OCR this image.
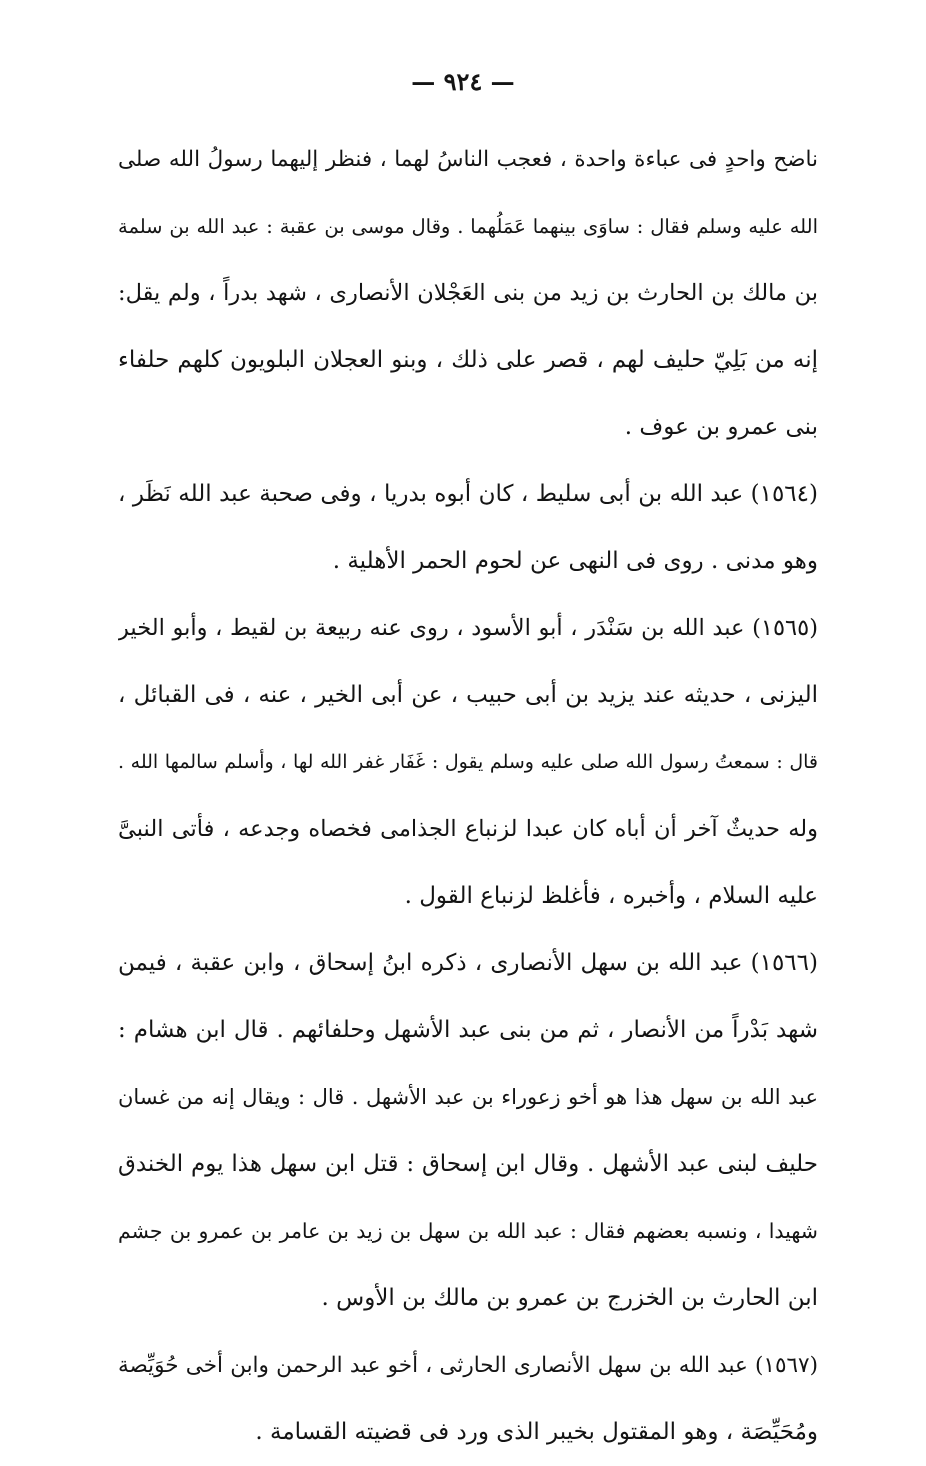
— ٩٢٤ —
ناضح واحدٍ فى عباءة واحدة ، فعجب الناسُ لهما ، فنظر إليهما رسولُ الله صلى
الله عليه وسلم فقال : ساوَى بينهما عَمَلُهما . وقال موسى بن عقبة : عبد الله بن سلمة
بن مالك بن الحارث بن زيد من بنى العَجْلان الأنصارى ، شهد بدراً ، ولم يقل:
إنه من بَلِيّ حليف لهم ، قصر على ذلك ، وبنو العجلان البلويون كلهم حلفاء
بنى عمرو بن عوف .
(١٥٦٤) عبد الله بن أبى سليط ، كان أبوه بدريا ، وفى صحبة عبد الله نَظَر ،
وهو مدنى . روى فى النهى عن لحوم الحمر الأهلية .
(١٥٦٥) عبد الله بن سَنْدَر ، أبو الأسود ، روى عنه ربيعة بن لقيط ، وأبو الخير
اليزنى ، حديثه عند يزيد بن أبى حبيب ، عن أبى الخير ، عنه ، فى القبائل ،
قال : سمعتُ رسول الله صلى عليه وسلم يقول : غَفَار غفر الله لها ، وأسلم سالمها الله .
وله حديثٌ آخر أن أباه كان عبدا لزنباع الجذامى فخصاه وجدعه ، فأتى النبىَّ
عليه السلام ، وأخبره ، فأغلظ لزنباع القول .
(١٥٦٦) عبد الله بن سهل الأنصارى ، ذكره ابنُ إسحاق ، وابن عقبة ، فيمن
شهد بَدْراً من الأنصار ، ثم من بنى عبد الأشهل وحلفائهم . قال ابن هشام :
عبد الله بن سهل هذا هو أخو زعوراء بن عبد الأشهل . قال : ويقال إنه من غسان
حليف لبنى عبد الأشهل . وقال ابن إسحاق : قتل ابن سهل هذا يوم الخندق
شهيدا ، ونسبه بعضهم فقال : عبد الله بن سهل بن زيد بن عامر بن عمرو بن جشم
ابن الحارث بن الخزرج بن عمرو بن مالك بن الأوس .
(١٥٦٧) عبد الله بن سهل الأنصارى الحارثى ، أخو عبد الرحمن وابن أخى حُوَيِّصة
ومُحَيِّصَة ، وهو المقتول بخيبر الذى ورد فى قضيته القسامة .
